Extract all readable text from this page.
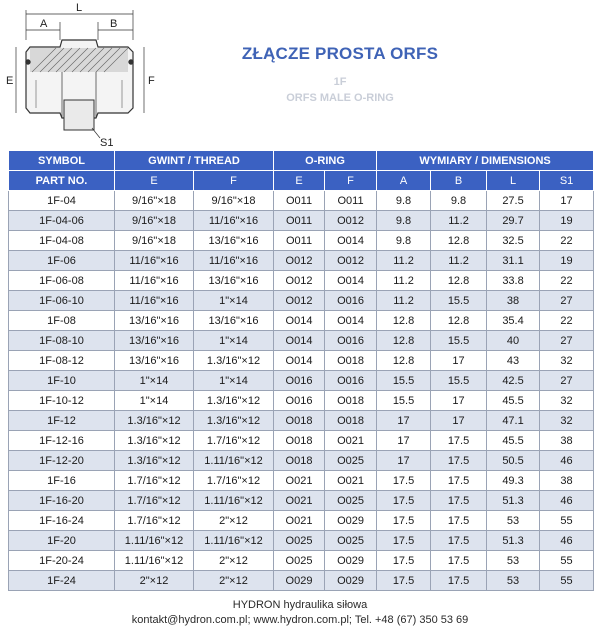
L
A	B
E	F
S1
ZŁĄCZE PROSTA ORFS
1F
ORFS MALE O-RING
SYMBOL	GWINT / THREAD		O-RING		WYMIARY / DIMENSIONS			
PART NO.	E	F	E	F	A	B	L	S1
1F-04	9/16"×18	9/16"×18	O011	O011	9.8	9.8	27.5	17
1F-04-06	9/16"×18	11/16"×16	O011	O012	9.8	11.2	29.7	19
1F-04-08	9/16"×18	13/16"×16	O011	O014	9.8	12.8	32.5	22
1F-06	11/16"×16	11/16"×16	O012	O012	11.2	11.2	31.1	19
1F-06-08	11/16"×16	13/16"×16	O012	O014	11.2	12.8	33.8	22
1F-06-10	11/16"×16	1"×14	O012	O016	11.2	15.5	38	27
1F-08	13/16"×16	13/16"×16	O014	O014	12.8	12.8	35.4	22
1F-08-10	13/16"×16	1"×14	O014	O016	12.8	15.5	40	27
1F-08-12	13/16"×16	1.3/16"×12	O014	O018	12.8	17	43	32
1F-10	1"×14	1"×14	O016	O016	15.5	15.5	42.5	27
1F-10-12	1"×14	1.3/16"×12	O016	O018	15.5	17	45.5	32
1F-12	1.3/16"×12	1.3/16"×12	O018	O018	17	17	47.1	32
1F-12-16	1.3/16"×12	1.7/16"×12	O018	O021	17	17.5	45.5	38
1F-12-20	1.3/16"×12	1.11/16"×12	O018	O025	17	17.5	50.5	46
1F-16	1.7/16"×12	1.7/16"×12	O021	O021	17.5	17.5	49.3	38
1F-16-20	1.7/16"×12	1.11/16"×12	O021	O025	17.5	17.5	51.3	46
1F-16-24	1.7/16"×12	2"×12	O021	O029	17.5	17.5	53	55
1F-20	1.11/16"×12	1.11/16"×12	O025	O025	17.5	17.5	51.3	46
1F-20-24	1.11/16"×12	2"×12	O025	O029	17.5	17.5	53	55
1F-24	2"×12	2"×12	O029	O029	17.5	17.5	53	55
HYDRON hydraulika siłowa
kontakt@hydron.com.pl; www.hydron.com.pl; Tel. +48 (67) 350 53 69
